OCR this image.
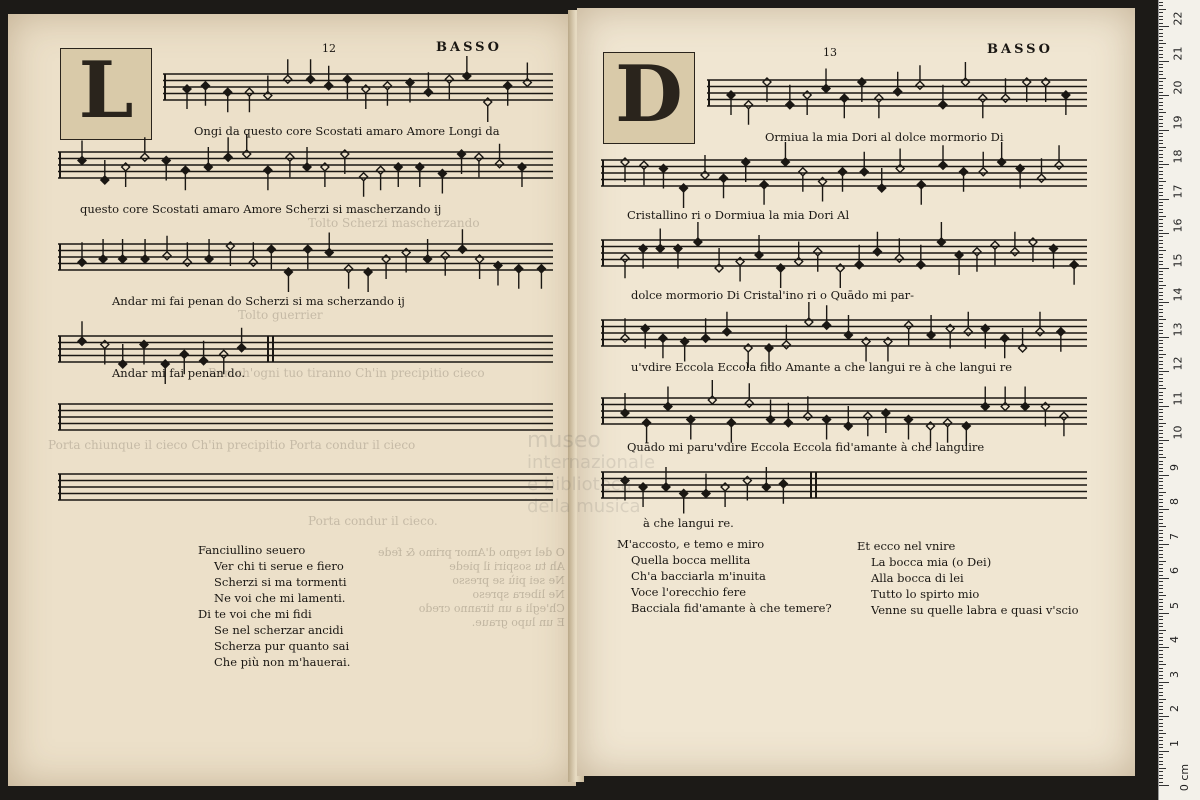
12	BASSO
L	Ongi da questo core Scostati amaro Amore Longi da
questo core Scostati amaro Amore Scherzi si mascherzando ij
Andar mi fai penan do Scherzi si ma scherzando ij
Andar mi fai penan do.
Tolto Scherzi mascherzando
Tolto guerrier
Ben ch'ogni tuo tiranno Ch'in precipitio cieco
Porta chiunque il cieco Ch'in precipitio Porta condur il cieco
Porta condur il cieco.
Fanciullino seuero
Ver chi ti serue e fiero
Scherzi si ma tormenti
Ne voi che mi lamenti.
Di te voi che mi fidi
Se nel scherzar ancidi
Scherza pur quanto sai
Che più non m'hauerai.
O del regno d'Amor primo & fede
Ah tu sospiri il piede
Ne sei più se presso
Ne libera spreso
Ch'egli a un tiranno credo
E un lupo graue.
13	BASSO
D	Ormiua la mia Dori al dolce mormorio Di
Cristallino ri o Dormiua la mia Dori Al
dolce mormorio Di Cristal'ino ri o Quādo mi par-
u'vdire Eccola Eccola fido Amante a che langui re à che langui re
Quādo mi paru'vdire Eccola Eccola fid'amante à che languire
à che langui re.
museo
internazionale
e biblioteca
della musica
M'accosto, e temo e miro
Quella bocca mellita
Ch'a bacciarla m'inuita
Voce l'orecchio fere
Bacciala fid'amante à che temere?
Et ecco nel vnire
La bocca mia (o Dei)
Alla bocca di lei
Tutto lo spirto mio
Venne su quelle labra e quasi v'scio
0 cm
1
2
3
4
5
6
7
8
9
10
11
12
13
14
15
16
17
18
19
20
21
22
